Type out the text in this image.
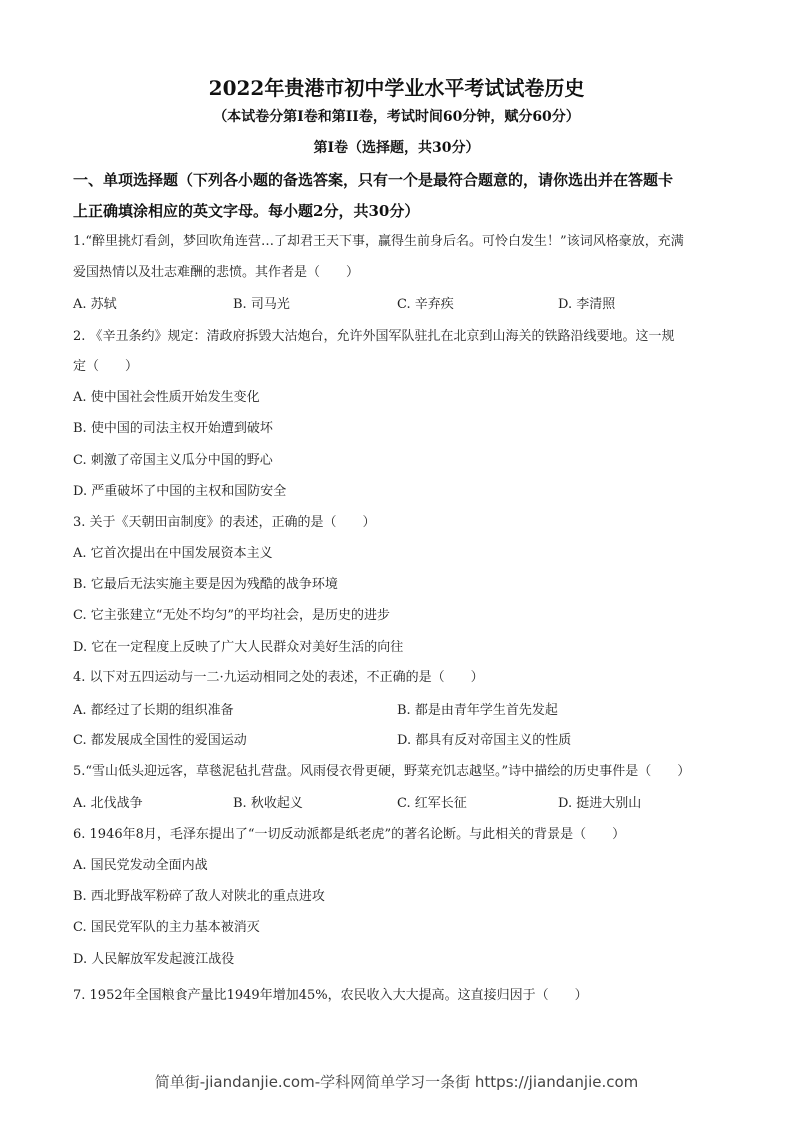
2022年贵港市初中学业水平考试试卷历史
（本试卷分第I卷和第II卷，考试时间60分钟，赋分60分）
第I卷（选择题，共30分）
一、单项选择题（下列各小题的备选答案，只有一个是最符合题意的，请你选出并在答题卡
上正确填涂相应的英文字母。每小题2分，共30分）
1.“醉里挑灯看剑，梦回吹角连营…了却君王天下事，赢得生前身后名。可怜白发生！”该词风格豪放，充满
爱国热情以及壮志难酬的悲愤。其作者是（　　）
A. 苏轼	B. 司马光	C. 辛弃疾	D. 李清照
2. 《辛丑条约》规定：清政府拆毁大沽炮台，允许外国军队驻扎在北京到山海关的铁路沿线要地。这一规
定（　　）
A. 使中国社会性质开始发生变化
B. 使中国的司法主权开始遭到破坏
C. 刺激了帝国主义瓜分中国的野心
D. 严重破坏了中国的主权和国防安全
3. 关于《天朝田亩制度》的表述，正确的是（　　）
A. 它首次提出在中国发展资本主义
B. 它最后无法实施主要是因为残酷的战争环境
C. 它主张建立“无处不均匀”的平均社会，是历史的进步
D. 它在一定程度上反映了广大人民群众对美好生活的向往
4. 以下对五四运动与一二·九运动相同之处的表述，不正确的是（　　）
A. 都经过了长期的组织准备	B. 都是由青年学生首先发起
C. 都发展成全国性的爱国运动	D. 都具有反对帝国主义的性质
5.“雪山低头迎远客，草毯泥毡扎营盘。风雨侵衣骨更硬，野菜充饥志越坚。”诗中描绘的历史事件是（　　）
A. 北伐战争	B. 秋收起义	C. 红军长征	D. 挺进大别山
6. 1946年8月，毛泽东提出了“一切反动派都是纸老虎”的著名论断。与此相关的背景是（　　）
A. 国民党发动全面内战
B. 西北野战军粉碎了敌人对陕北的重点进攻
C. 国民党军队的主力基本被消灭
D. 人民解放军发起渡江战役
7. 1952年全国粮食产量比1949年增加45%，农民收入大大提高。这直接归因于（　　）
简单街-jiandanjie.com-学科网简单学习一条街 https://jiandanjie.com
